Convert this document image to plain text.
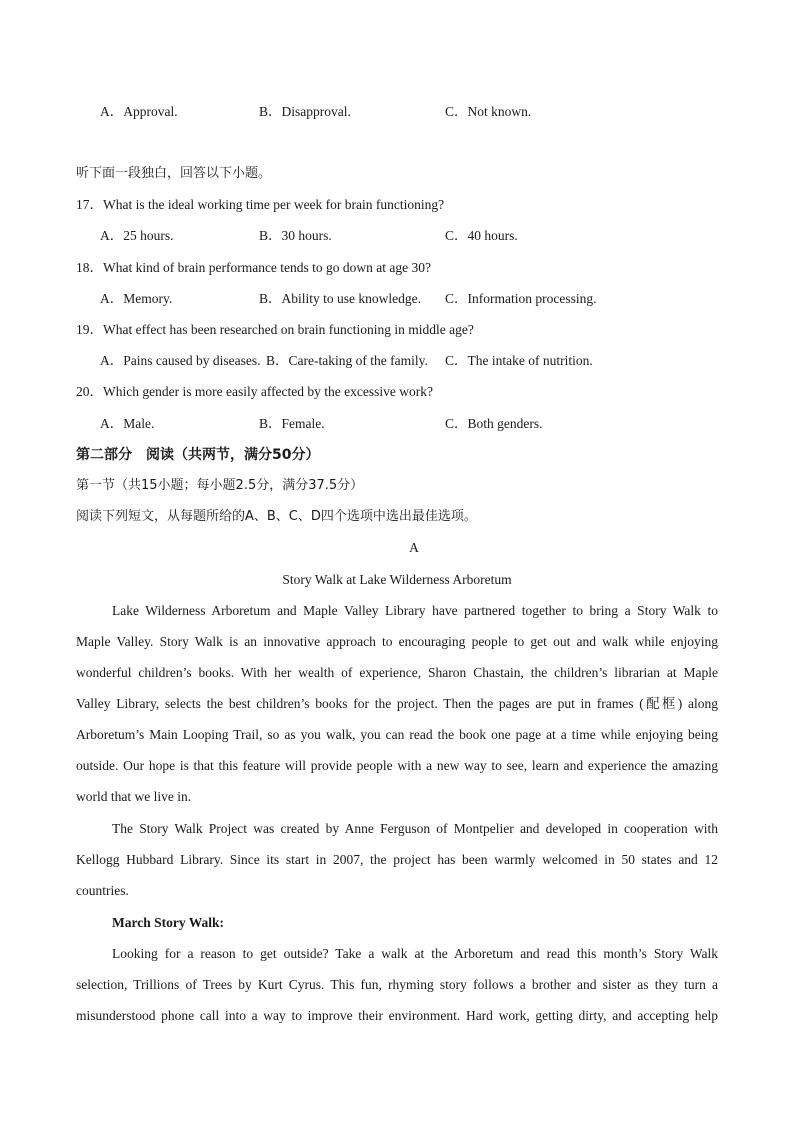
A．Approval.	B．Disapproval.	C．Not known.
听下面一段独白，回答以下小题。
17．What is the ideal working time per week for brain functioning?
A．25 hours.	B．30 hours.	C．40 hours.
18．What kind of brain performance tends to go down at age 30?
A．Memory.	B．Ability to use knowledge. C．Information processing.
19．What effect has been researched on brain functioning in middle age?
A．Pains caused by diseases. B．Care-taking of the family. C．The intake of nutrition.
20．Which gender is more easily affected by the excessive work?
A．Male.	B．Female.	C．Both genders.
第二部分　阅读（共两节，满分50分）
第一节（共15小题；每小题2.5分，满分37.5分）
阅读下列短文，从每题所给的A、B、C、D四个选项中选出最佳选项。
A
Story Walk at Lake Wilderness Arboretum
Lake Wilderness Arboretum and Maple Valley Library have partnered together to bring a Story Walk to
Maple Valley. Story Walk is an innovative approach to encouraging people to get out and walk while enjoying
wonderful children’s books. With her wealth of experience, Sharon Chastain, the children’s librarian at Maple
Valley Library, selects the best children’s books for the project. Then the pages are put in frames (配框) along
Arboretum’s Main Looping Trail, so as you walk, you can read the book one page at a time while enjoying being
outside. Our hope is that this feature will provide people with a new way to see, learn and experience the amazing
world that we live in.
The Story Walk Project was created by Anne Ferguson of Montpelier and developed in cooperation with
Kellogg Hubbard Library. Since its start in 2007, the project has been warmly welcomed in 50 states and 12
countries.
March Story Walk:
Looking for a reason to get outside? Take a walk at the Arboretum and read this month’s Story Walk
selection, Trillions of Trees by Kurt Cyrus. This fun, rhyming story follows a brother and sister as they turn a
misunderstood phone call into a way to improve their environment. Hard work, getting dirty, and accepting help
